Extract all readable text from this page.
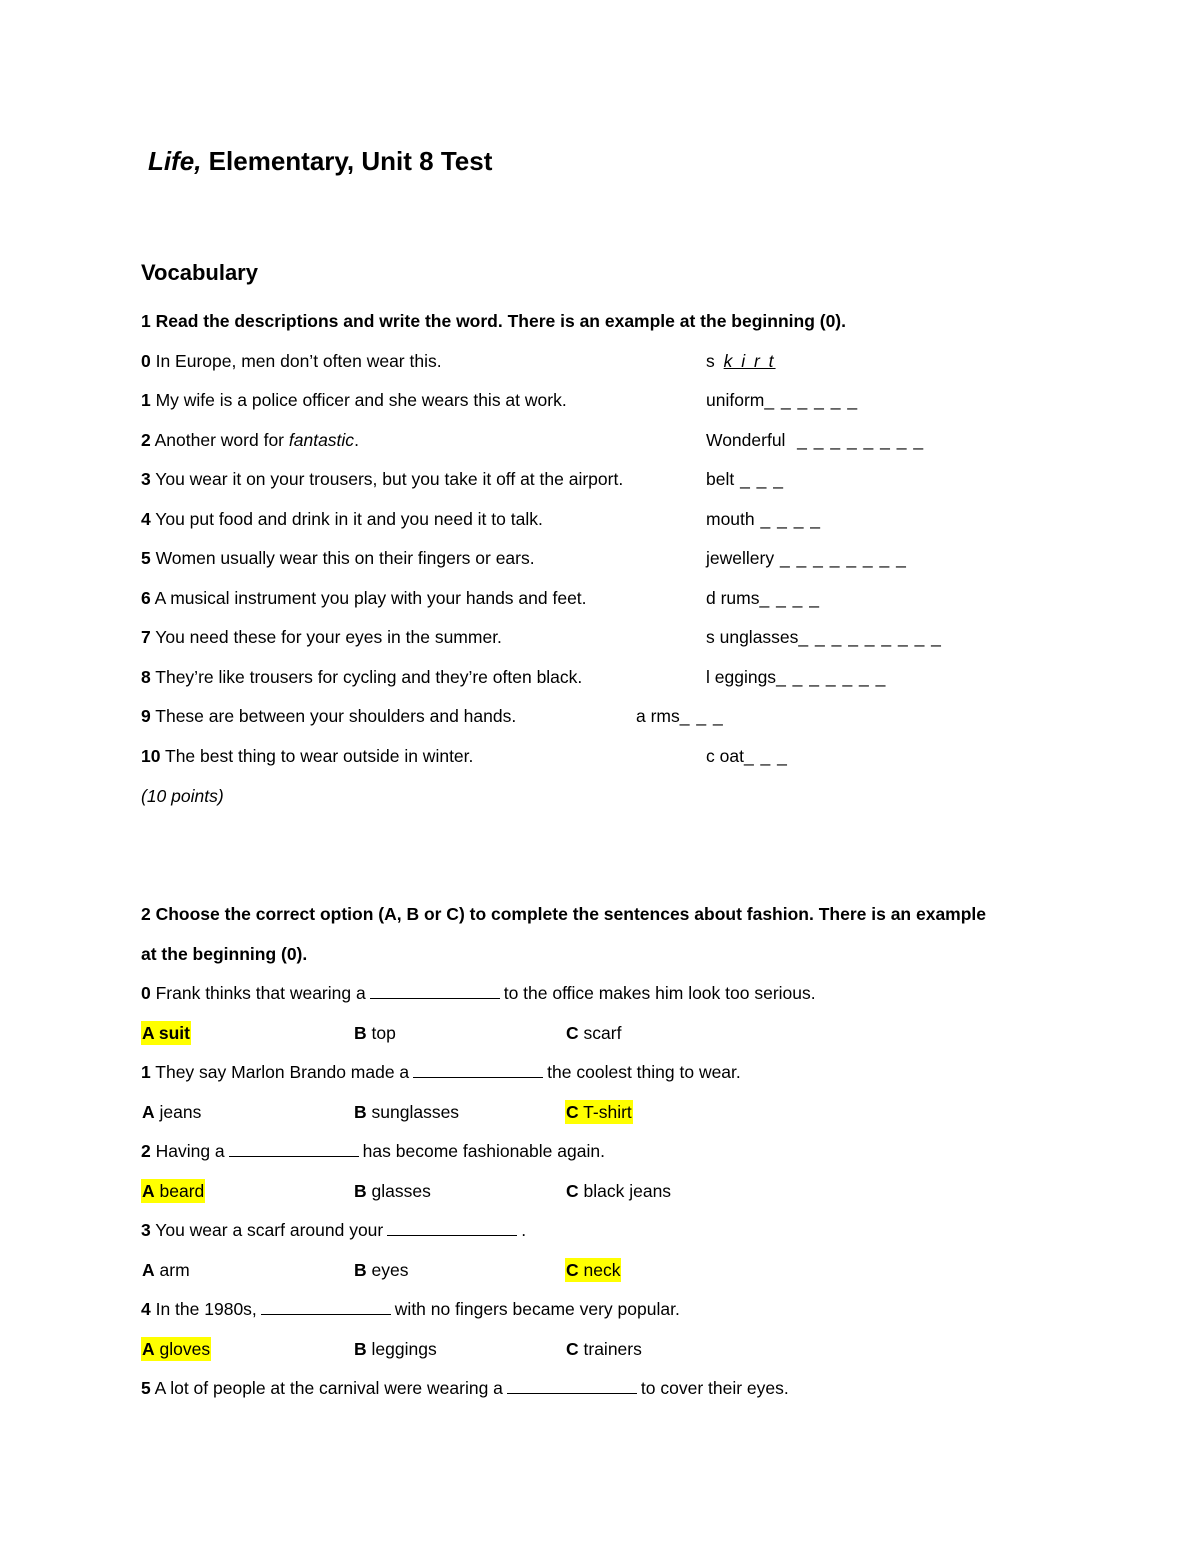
Life, Elementary, Unit 8 Test
Vocabulary
1 Read the descriptions and write the word. There is an example at the beginning (0).
0 In Europe, men don’t often wear this.	s k i r t
1 My wife is a police officer and she wears this at work.	uniform_ _ _ _ _ _
2 Another word for fantastic.	Wonderful  _ _ _ _ _ _ _ _
3 You wear it on your trousers, but you take it off at the airport.	belt _ _ _
4 You put food and drink in it and you need it to talk.	mouth _ _ _ _
5 Women usually wear this on their fingers or ears.	jewellery _ _ _ _ _ _ _ _
6 A musical instrument you play with your hands and feet.	d rums_ _ _ _
7 You need these for your eyes in the summer.	s unglasses_ _ _ _ _ _ _ _ _
8 They’re like trousers for cycling and they’re often black.	l eggings_ _ _ _ _ _ _
9 These are between your shoulders and hands.	a rms_ _ _
10 The best thing to wear outside in winter.	c oat_ _ _
(10 points)
2 Choose the correct option (A, B or C) to complete the sentences about fashion. There is an example
at the beginning (0).
0 Frank thinks that wearing a	to the office makes him look too serious.
A suit	B top	C scarf
1 They say Marlon Brando made a	the coolest thing to wear.
A jeans	B sunglasses	C T-shirt
2 Having a	has become fashionable again.
A beard	B glasses	C black jeans
3 You wear a scarf around your	.
A arm	B eyes	C neck
4 In the 1980s,	with no fingers became very popular.
A gloves	B leggings	C trainers
5 A lot of people at the carnival were wearing a	to cover their eyes.
